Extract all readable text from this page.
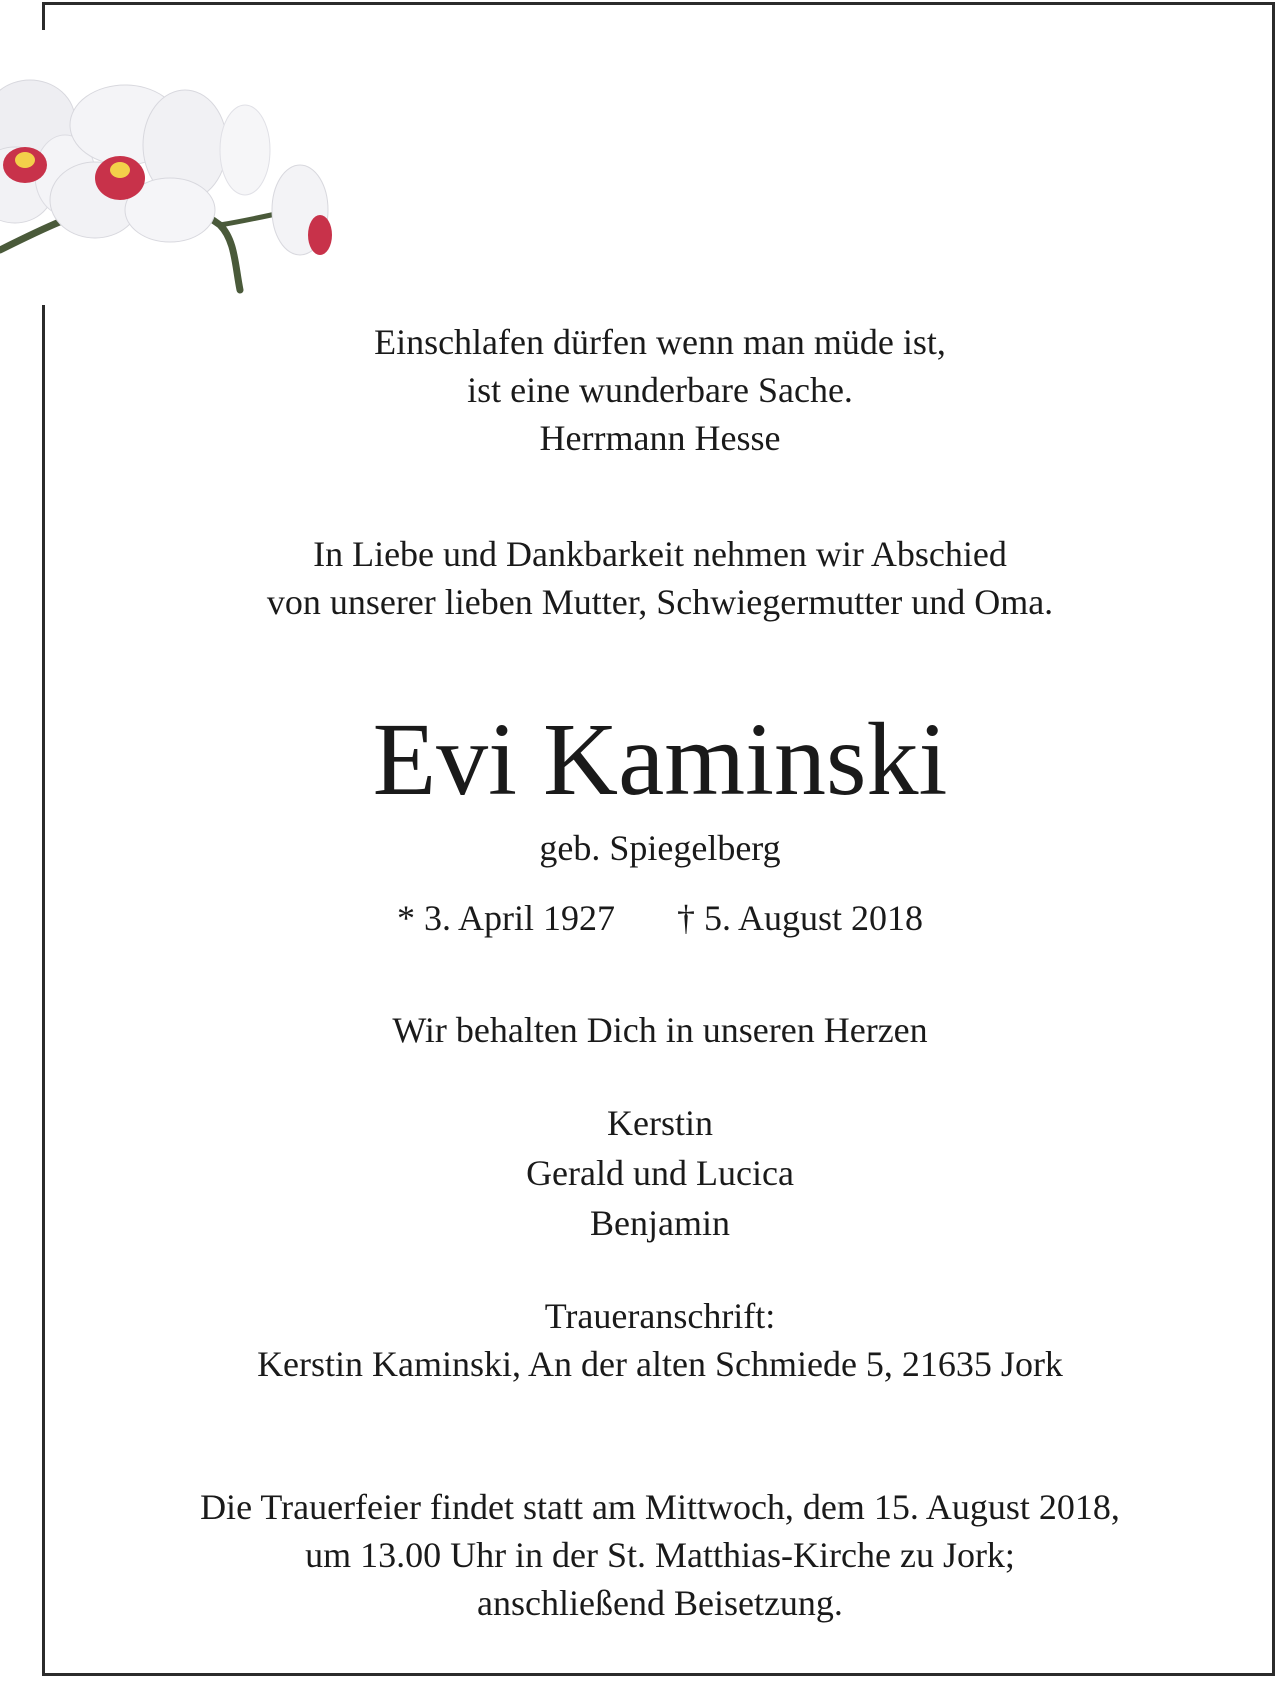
Einschlafen dürfen wenn man müde ist,
ist eine wunderbare Sache.
Herrmann Hesse
In Liebe und Dankbarkeit nehmen wir Abschied
von unserer lieben Mutter, Schwiegermutter und Oma.
Evi Kaminski
geb. Spiegelberg
* 3. April 1927 † 5. August 2018
Wir behalten Dich in unseren Herzen
Kerstin
Gerald und Lucica
Benjamin
Traueranschrift:
Kerstin Kaminski, An der alten Schmiede 5, 21635 Jork
Die Trauerfeier findet statt am Mittwoch, dem 15. August 2018,
um 13.00 Uhr in der St. Matthias-Kirche zu Jork;
anschließend Beisetzung.
